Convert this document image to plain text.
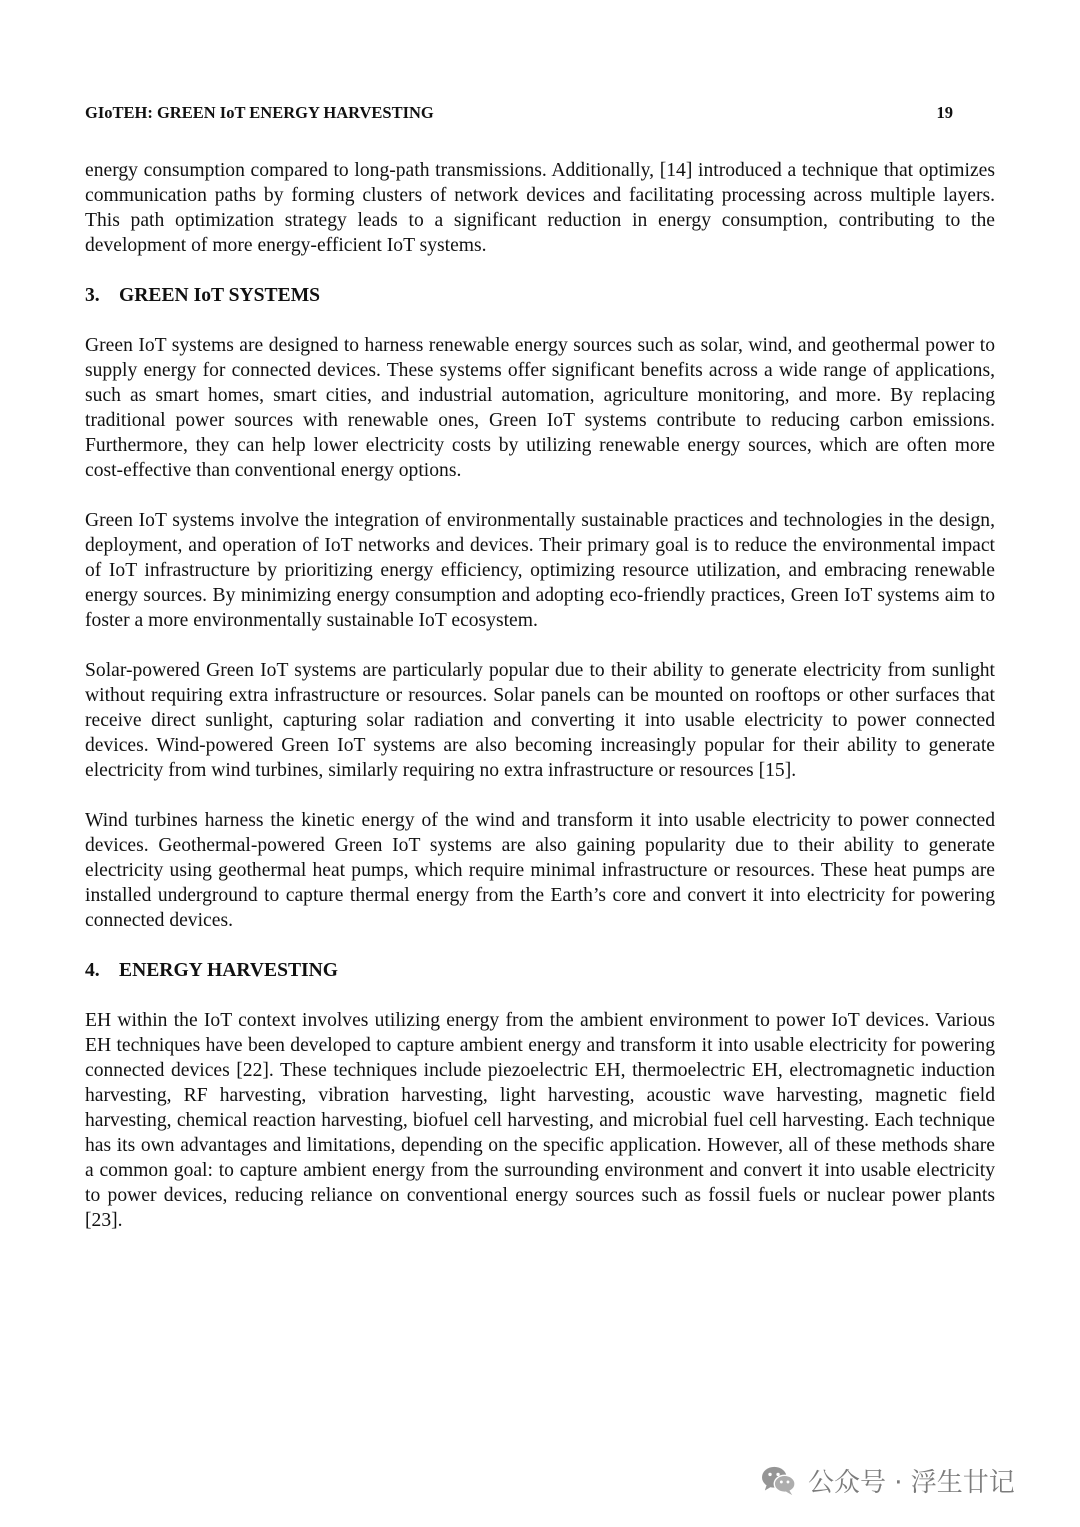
GIoTEH: GREEN IoT ENERGY HARVESTING	19

energy consumption compared to long-path transmissions. Additionally, [14] introduced a technique that optimizes communication paths by forming clusters of network devices and facilitating processing across multiple layers. This path optimization strategy leads to a significant reduction in energy consumption, contributing to the development of more energy-efficient IoT systems.

3. GREEN IoT SYSTEMS

Green IoT systems are designed to harness renewable energy sources such as solar, wind, and geothermal power to supply energy for connected devices. These systems offer significant benefits across a wide range of applications, such as smart homes, smart cities, and industrial automation, agriculture monitoring, and more. By replacing traditional power sources with renewable ones, Green IoT systems contribute to reducing carbon emissions. Furthermore, they can help lower electricity costs by utilizing renewable energy sources, which are often more cost-effective than conventional energy options.

Green IoT systems involve the integration of environmentally sustainable practices and technologies in the design, deployment, and operation of IoT networks and devices. Their primary goal is to reduce the environmental impact of IoT infrastructure by prioritizing energy efficiency, optimizing resource utilization, and embracing renewable energy sources. By minimizing energy consumption and adopting eco-friendly practices, Green IoT systems aim to foster a more environmentally sustainable IoT ecosystem.

Solar-powered Green IoT systems are particularly popular due to their ability to generate electricity from sunlight without requiring extra infrastructure or resources. Solar panels can be mounted on rooftops or other surfaces that receive direct sunlight, capturing solar radiation and converting it into usable electricity to power connected devices. Wind-powered Green IoT systems are also becoming increasingly popular for their ability to generate electricity from wind turbines, similarly requiring no extra infrastructure or resources [15].

Wind turbines harness the kinetic energy of the wind and transform it into usable electricity to power connected devices. Geothermal-powered Green IoT systems are also gaining popularity due to their ability to generate electricity using geothermal heat pumps, which require minimal infrastructure or resources. These heat pumps are installed underground to capture thermal energy from the Earth’s core and convert it into electricity for powering connected devices.

4. ENERGY HARVESTING

EH within the IoT context involves utilizing energy from the ambient environment to power IoT devices. Various EH techniques have been developed to capture ambient energy and transform it into usable electricity for powering connected devices [22]. These techniques include piezoelectric EH, thermoelectric EH, electromagnetic induction harvesting, RF harvesting, vibration harvesting, light harvesting, acoustic wave harvesting, magnetic field harvesting, chemical reaction harvesting, biofuel cell harvesting, and microbial fuel cell harvesting. Each technique has its own advantages and limitations, depending on the specific application. However, all of these methods share a common goal: to capture ambient energy from the surrounding environment and convert it into usable electricity to power devices, reducing reliance on conventional energy sources such as fossil fuels or nuclear power plants [23].

公众号 · 浮生廿记
